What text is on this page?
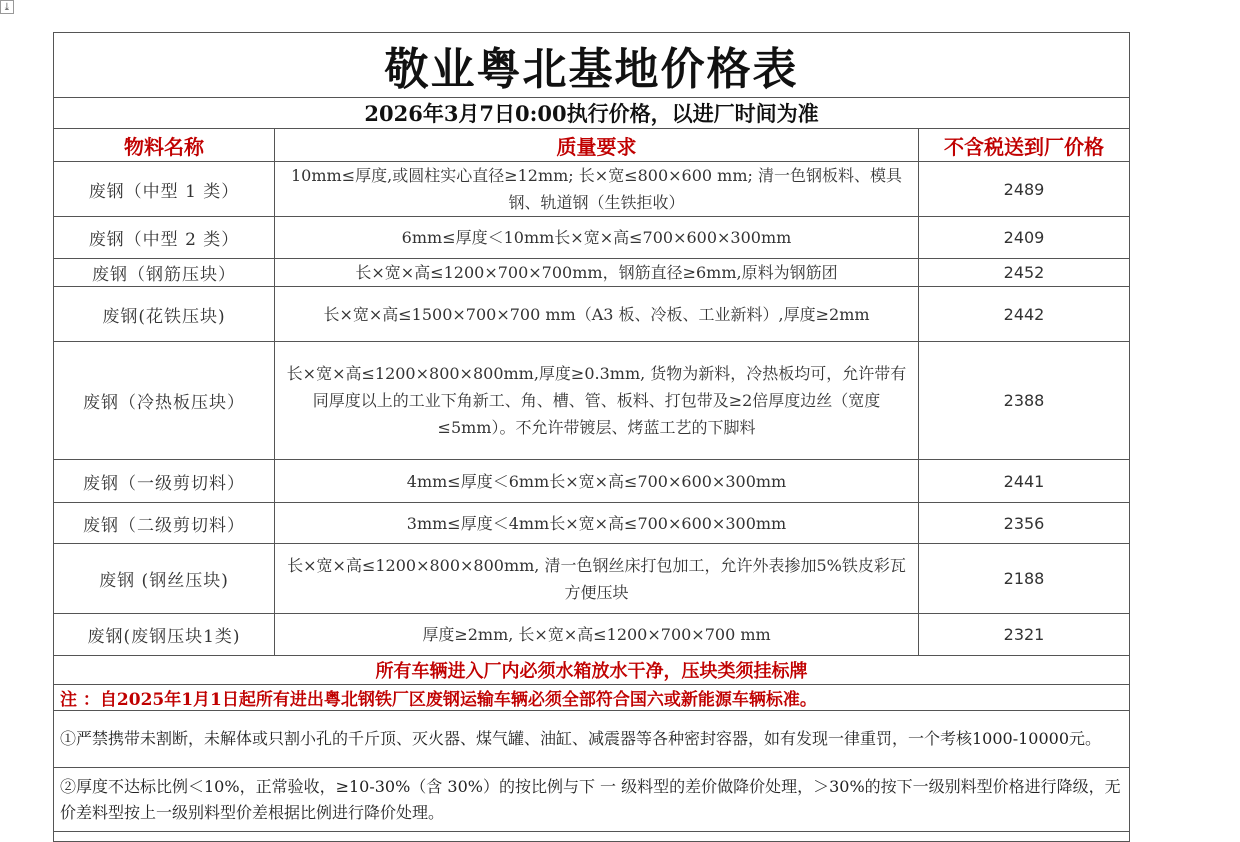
⤓
敬业粤北基地价格表		
2026年3月7日0:00执行价格，以进厂时间为准		
物料名称	质量要求	不含税送到厂价格
废钢（中型 1 类）	10mm≤厚度,或圆柱实心直径≥12mm; 长×宽≤800×600 mm; 清一色钢板料、模具钢、轨道钢（生铁拒收）	2489
废钢（中型 2 类）	6mm≤厚度＜10mm长×宽×高≤700×600×300mm	2409
废钢（钢筋压块）	长×宽×高≤1200×700×700mm，钢筋直径≥6mm,原料为钢筋团	2452
废钢(花铁压块)	长×宽×高≤1500×700×700 mm（A3 板、冷板、工业新料）,厚度≥2mm	2442
废钢（冷热板压块）	长×宽×高≤1200×800×800mm,厚度≥0.3mm, 货物为新料，冷热板均可，允许带有同厚度以上的工业下角新工、角、槽、管、板料、打包带及≥2倍厚度边丝（宽度≤5mm）。不允许带镀层、烤蓝工艺的下脚料	2388
废钢（一级剪切料）	4mm≤厚度＜6mm长×宽×高≤700×600×300mm	2441
废钢（二级剪切料）	3mm≤厚度＜4mm长×宽×高≤700×600×300mm	2356
废钢 (钢丝压块)	长×宽×高≤1200×800×800mm, 清一色钢丝床打包加工，允许外表掺加5%铁皮彩瓦方便压块	2188
废钢(废钢压块1类)	厚度≥2mm, 长×宽×高≤1200×700×700 mm	2321
所有车辆进入厂内必须水箱放水干净，压块类须挂标牌		
注 ：自2025年1月1日起所有进出粤北钢铁厂区废钢运输车辆必须全部符合国六或新能源车辆标准。		
①严禁携带未割断，未解体或只割小孔的千斤顶、灭火器、煤气罐、油缸、减震器等各种密封容器，如有发现一律重罚，一个考核1000-10000元。		
②厚度不达标比例＜10%，正常验收，≥10-30%（含 30%）的按比例与下 一 级料型的差价做降价处理，＞30%的按下一级别料型价格进行降级，无价差料型按上一级别料型价差根据比例进行降价处理。		
